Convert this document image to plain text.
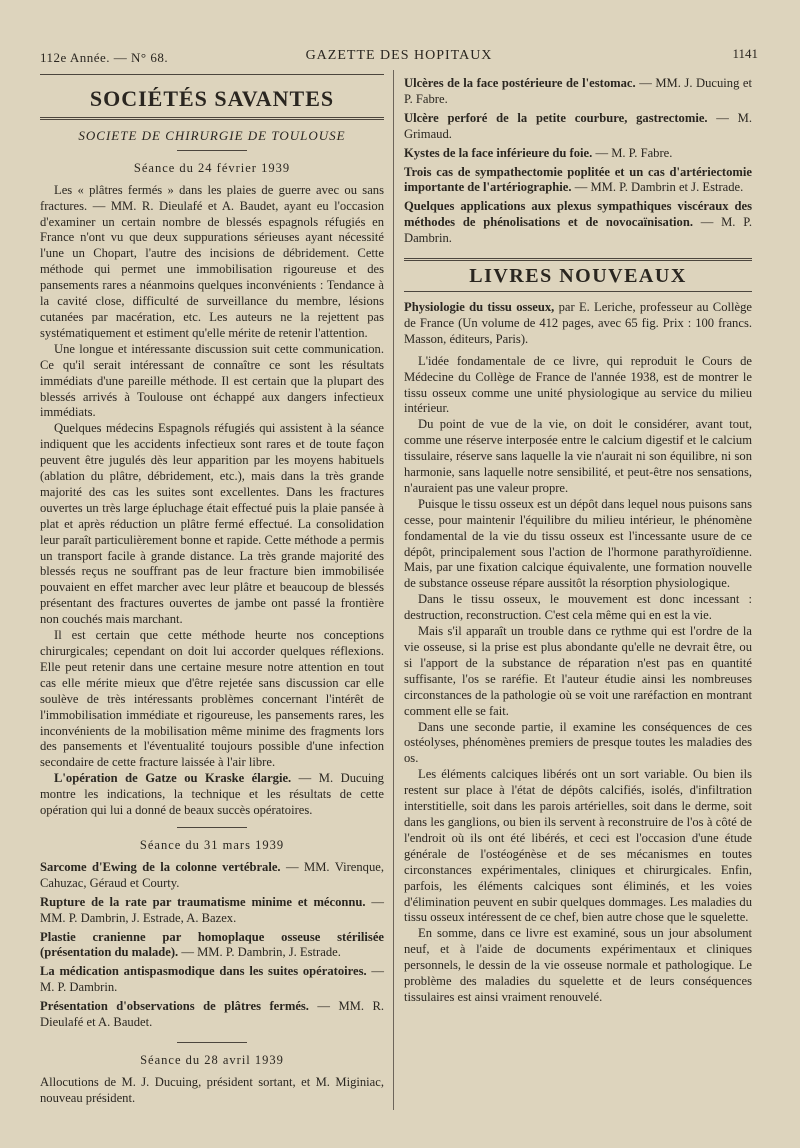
112e Année. — N° 68.	GAZETTE DES HOPITAUX	1141
SOCIÉTÉS SAVANTES
SOCIETE DE CHIRURGIE DE TOULOUSE
Séance du 24 février 1939

Les « plâtres fermés » dans les plaies de guerre avec ou sans fractures. — MM. R. Dieulafé et A. Baudet, ayant eu l'occasion d'examiner un certain nombre de blessés espagnols réfugiés en France n'ont vu que deux suppurations sérieuses ayant nécessité l'une un Chopart, l'autre des incisions de débridement. Cette méthode qui permet une immobilisation rigoureuse et des pansements rares a néanmoins quelques inconvénients : Tendance à la cavité close, difficulté de surveillance du membre, lésions cutanées par macération, etc. Les auteurs ne la rejettent pas systématiquement et estiment qu'elle mérite de retenir l'attention.

Une longue et intéressante discussion suit cette communication. Ce qu'il serait intéressant de connaître ce sont les résultats immédiats d'une pareille méthode. Il est certain que la plupart des blessés arrivés à Toulouse ont échappé aux dangers infectieux immédiats.

Quelques médecins Espagnols réfugiés qui assistent à la séance indiquent que les accidents infectieux sont rares et de toute façon peuvent être jugulés dès leur apparition par les moyens habituels (ablation du plâtre, débridement, etc.), mais dans la très grande majorité des cas les suites sont excellentes. Dans les fractures ouvertes un très large épluchage était effectué puis la plaie pansée à plat et après réduction un plâtre fermé effectué. La consolidation leur paraît particulièrement bonne et rapide. Cette méthode a permis un transport facile à grande distance. La très grande majorité des blessés reçus ne souffrant pas de leur fracture bien immobilisée pouvaient en effet marcher avec leur plâtre et beaucoup de blessés présentant des fractures ouvertes de jambe ont passé la frontière non couchés mais marchant.

Il est certain que cette méthode heurte nos conceptions chirurgicales; cependant on doit lui accorder quelques réflexions. Elle peut retenir dans une certaine mesure notre attention en tout cas elle mérite mieux que d'être rejetée sans discussion car elle soulève de très intéressants problèmes concernant l'intérêt de l'immobilisation immédiate et rigoureuse, les pansements rares, les inconvénients de la mobilisation même minime des fragments lors des pansements et l'éventualité toujours possible d'une infection secondaire de cette fracture laissée à l'air libre.

L'opération de Gatze ou Kraske élargie. — M. Ducuing montre les indications, la technique et les résultats de cette opération qui lui a donné de beaux succès opératoires.

Séance du 31 mars 1939

Sarcome d'Ewing de la colonne vertébrale. — MM. Virenque, Cahuzac, Géraud et Courty.

Rupture de la rate par traumatisme minime et méconnu. — MM. P. Dambrin, J. Estrade, A. Bazex.

Plastie cranienne par homoplaque osseuse stérilisée (présentation du malade). — MM. P. Dambrin, J. Estrade.

La médication antispasmodique dans les suites opératoires. — M. P. Dambrin.

Présentation d'observations de plâtres fermés. — MM. R. Dieulafé et A. Baudet.

Séance du 28 avril 1939

Allocutions de M. J. Ducuing, président sortant, et M. Miginiac, nouveau président.

Ulcères de la face postérieure de l'estomac. — MM. J. Ducuing et P. Fabre.

Ulcère perforé de la petite courbure, gastrectomie. — M. Grimaud.

Kystes de la face inférieure du foie. — M. P. Fabre.

Trois cas de sympathectomie poplitée et un cas d'artériectomie importante de l'artériographie. — MM. P. Dambrin et J. Estrade.

Quelques applications aux plexus sympathiques viscéraux des méthodes de phénolisations et de novocaïnisation. — M. P. Dambrin.

LIVRES NOUVEAUX

Physiologie du tissu osseux, par E. Leriche, professeur au Collège de France (Un volume de 412 pages, avec 65 fig. Prix : 100 francs. Masson, éditeurs, Paris).

L'idée fondamentale de ce livre, qui reproduit le Cours de Médecine du Collège de France de l'année 1938, est de montrer le tissu osseux comme une unité physiologique au service du milieu intérieur.

Du point de vue de la vie, on doit le considérer, avant tout, comme une réserve interposée entre le calcium digestif et le calcium tissulaire, réserve sans laquelle la vie n'aurait ni son équilibre, ni son harmonie, sans laquelle notre sensibilité, et peut-être nos sensations, n'auraient pas une valeur propre.

Puisque le tissu osseux est un dépôt dans lequel nous puisons sans cesse, pour maintenir l'équilibre du milieu intérieur, le phénomène fondamental de la vie du tissu osseux est l'incessante usure de ce dépôt, principalement sous l'action de l'hormone parathyroïdienne. Mais, par une fixation calcique équivalente, une formation nouvelle de substance osseuse répare aussitôt la résorption physiologique.

Dans le tissu osseux, le mouvement est donc incessant : destruction, reconstruction. C'est cela même qui en est la vie.

Mais s'il apparaît un trouble dans ce rythme qui est l'ordre de la vie osseuse, si la prise est plus abondante qu'elle ne devrait être, ou si l'apport de la substance de réparation n'est pas en quantité suffisante, l'os se raréfie. Et l'auteur étudie ainsi les nombreuses circonstances de la pathologie où se voit une raréfaction en montrant comment elle se fait.

Dans une seconde partie, il examine les conséquences de ces ostéolyses, phénomènes premiers de presque toutes les maladies des os.

Les éléments calciques libérés ont un sort variable. Ou bien ils restent sur place à l'état de dépôts calcifiés, isolés, d'infiltration interstitielle, soit dans les parois artérielles, soit dans le derme, soit dans les ganglions, ou bien ils servent à reconstruire de l'os à côté de l'endroit où ils ont été libérés, et ceci est l'occasion d'une étude générale de l'ostéogénèse et de ses mécanismes en toutes circonstances expérimentales, cliniques et chirurgicales. Enfin, parfois, les éléments calciques sont éliminés, et les voies d'élimination peuvent en subir quelques dommages. Les maladies du tissu osseux intéressent de ce chef, bien autre chose que le squelette.

En somme, dans ce livre est examiné, sous un jour absolument neuf, et à l'aide de documents expérimentaux et cliniques personnels, le dessin de la vie osseuse normale et pathologique. Le problème des maladies du squelette et de leurs conséquences tissulaires est ainsi vraiment renouvelé.
